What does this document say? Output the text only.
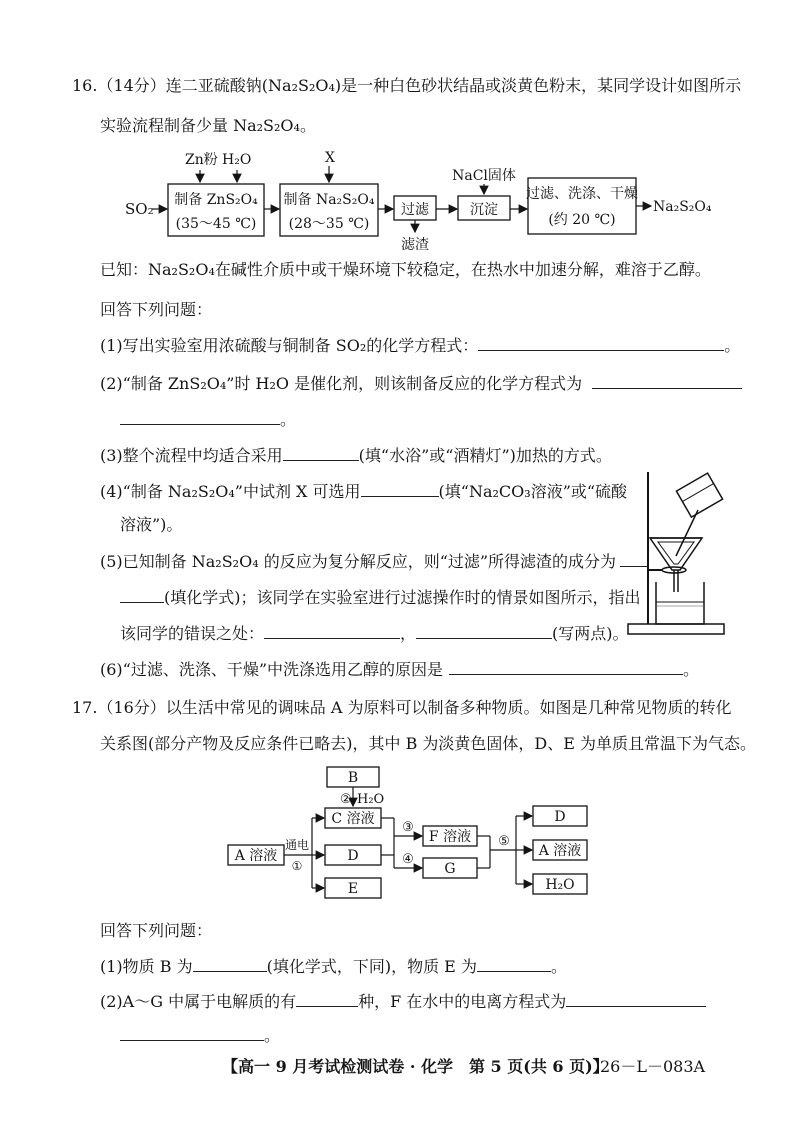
16.（14分）连二亚硫酸钠(Na₂S₂O₄)是一种白色砂状结晶或淡黄色粉末，某同学设计如图所示
实验流程制备少量 Na₂S₂O₄。
SO₂
Zn粉 H₂O
制备 ZnS₂O₄
(35～45 ℃)
X
制备 Na₂S₂O₄
(28～35 ℃)
过滤
滤渣
NaCl固体
沉淀
过滤、洗涤、干燥
(约 20 ℃)
Na₂S₂O₄
已知：Na₂S₂O₄在碱性介质中或干燥环境下较稳定，在热水中加速分解，难溶于乙醇。
回答下列问题：
(1)写出实验室用浓硫酸与铜制备 SO₂的化学方程式：	。
(2)“制备 ZnS₂O₄”时 H₂O 是催化剂，则该制备反应的化学方程式为
。
(3)整个流程中均适合采用	(填“水浴”或“酒精灯”)加热的方式。
(4)“制备 Na₂S₂O₄”中试剂 X 可选用	(填“Na₂CO₃溶液”或“硫酸
溶液”)。
(5)已知制备 Na₂S₂O₄ 的反应为复分解反应，则“过滤”所得滤渣的成分为
(填化学式)；该同学在实验室进行过滤操作时的情景如图所示，指出
该同学的错误之处：	，	(写两点)。
(6)“过滤、洗涤、干燥”中洗涤选用乙醇的原因是	。
17.（16分）以生活中常见的调味品 A 为原料可以制备多种物质。如图是几种常见物质的转化
关系图(部分产物及反应条件已略去)，其中 B 为淡黄色固体，D、E 为单质且常温下为气态。
B
② H₂O
A 溶液
通电
①
C 溶液
D
E
③
④
F 溶液
G
⑤
D
A 溶液
H₂O
回答下列问题：
(1)物质 B 为	(填化学式，下同)，物质 E 为	。
(2)A～G 中属于电解质的有	种，F 在水中的电离方程式为
。
【高一 9 月考试检测试卷 · 化学　第 5 页(共 6 页)】
26－L－083A
